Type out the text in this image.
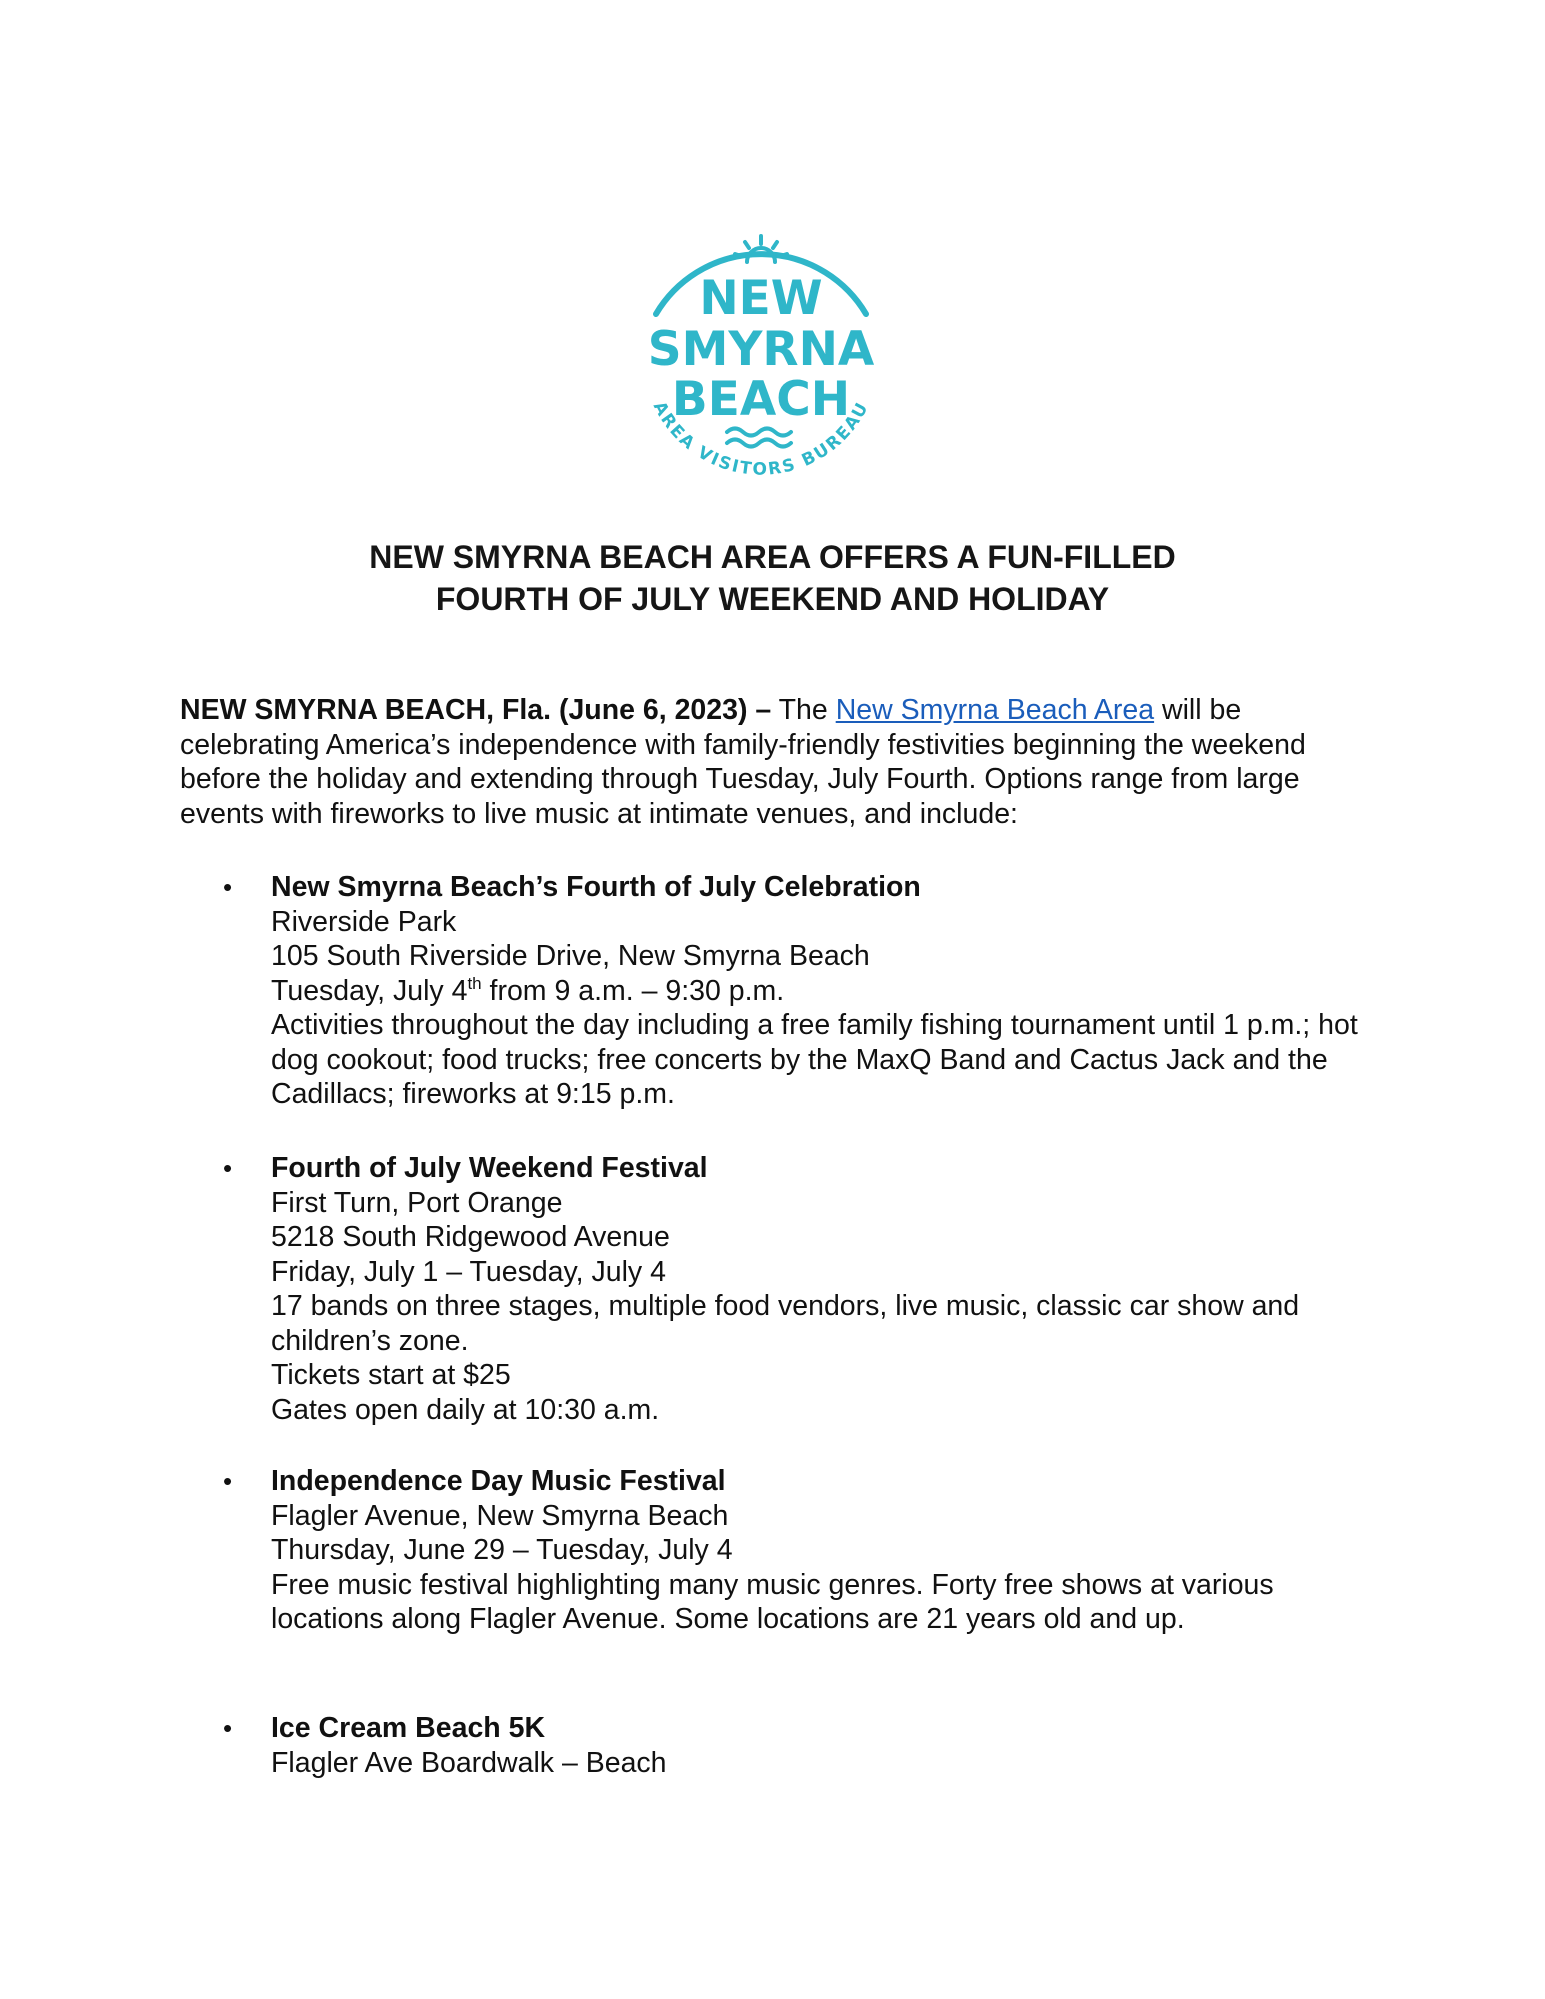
NEW
SMYRNA
BEACH
AREA VISITORS BUREAU
NEW SMYRNA BEACH AREA OFFERS A FUN-FILLED
FOURTH OF JULY WEEKEND AND HOLIDAY
NEW SMYRNA BEACH, Fla. (June 6, 2023) – The New Smyrna Beach Area will be celebrating America’s independence with family-friendly festivities beginning the weekend before the holiday and extending through Tuesday, July Fourth. Options range from large events with fireworks to live music at intimate venues, and include:
• New Smyrna Beach’s Fourth of July Celebration
Riverside Park
105 South Riverside Drive, New Smyrna Beach
Tuesday, July 4th from 9 a.m. – 9:30 p.m.
Activities throughout the day including a free family fishing tournament until 1 p.m.; hot dog cookout; food trucks; free concerts by the MaxQ Band and Cactus Jack and the Cadillacs; fireworks at 9:15 p.m.
• Fourth of July Weekend Festival
First Turn, Port Orange
5218 South Ridgewood Avenue
Friday, July 1 – Tuesday, July 4
17 bands on three stages, multiple food vendors, live music, classic car show and children’s zone.
Tickets start at $25
Gates open daily at 10:30 a.m.
• Independence Day Music Festival
Flagler Avenue, New Smyrna Beach
Thursday, June 29 – Tuesday, July 4
Free music festival highlighting many music genres. Forty free shows at various locations along Flagler Avenue. Some locations are 21 years old and up.
• Ice Cream Beach 5K
Flagler Ave Boardwalk – Beach
